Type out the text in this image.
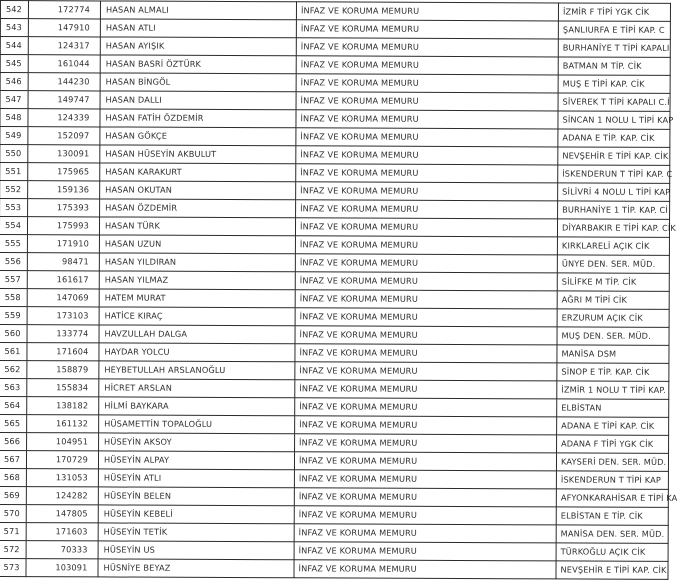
542	172774	HASAN ALMALI	İNFAZ VE KORUMA MEMURU	İZMİR F TİPİ YGK CİK
543	147910	HASAN ATLI	İNFAZ VE KORUMA MEMURU	ŞANLIURFA E TİPİ KAP. C
544	124317	HASAN AYIŞIK	İNFAZ VE KORUMA MEMURU	BURHANİYE T TİPİ KAPALI
545	161044	HASAN BASRİ ÖZTÜRK	İNFAZ VE KORUMA MEMURU	BATMAN M TİP. CİK
546	144230	HASAN BİNGÖL	İNFAZ VE KORUMA MEMURU	MUŞ E TİPİ KAP. CİK
547	149747	HASAN DALLI	İNFAZ VE KORUMA MEMURU	SİVEREK T TİPİ KAPALI C.İ
548	124339	HASAN FATİH ÖZDEMİR	İNFAZ VE KORUMA MEMURU	SİNCAN 1 NOLU L TİPİ KAP
549	152097	HASAN GÖKÇE	İNFAZ VE KORUMA MEMURU	ADANA E TİP. KAP. CİK
550	130091	HASAN HÜSEYİN AKBULUT	İNFAZ VE KORUMA MEMURU	NEVŞEHİR E TİPİ KAP. CİK
551	175965	HASAN KARAKURT	İNFAZ VE KORUMA MEMURU	İSKENDERUN T TİPİ KAP. C
552	159136	HASAN OKUTAN	İNFAZ VE KORUMA MEMURU	SİLİVRİ 4 NOLU L TİPİ KAP
553	175393	HASAN ÖZDEMİR	İNFAZ VE KORUMA MEMURU	BURHANİYE 1 TİP. KAP. Cİ
554	175993	HASAN TÜRK	İNFAZ VE KORUMA MEMURU	DİYARBAKIR E TİPİ KAP. CİK
555	171910	HASAN UZUN	İNFAZ VE KORUMA MEMURU	KIRKLARELİ AÇIK CİK
556	98471	HASAN YILDIRAN	İNFAZ VE KORUMA MEMURU	ÜNYE DEN. SER. MÜD.
557	161617	HASAN YILMAZ	İNFAZ VE KORUMA MEMURU	SİLİFKE M TİP. CİK
558	147069	HATEM MURAT	İNFAZ VE KORUMA MEMURU	AĞRI M TİPİ CİK
559	173103	HATİCE KIRAÇ	İNFAZ VE KORUMA MEMURU	ERZURUM AÇIK CİK
560	133774	HAVZULLAH DALGA	İNFAZ VE KORUMA MEMURU	MUŞ DEN. SER. MÜD.
561	171604	HAYDAR YOLCU	İNFAZ VE KORUMA MEMURU	MANİSA DSM
562	158879	HEYBETULLAH ARSLANOĞLU	İNFAZ VE KORUMA MEMURU	SİNOP E TİP. KAP. CİK
563	155834	HİCRET ARSLAN	İNFAZ VE KORUMA MEMURU	İZMİR 1 NOLU T TİPİ KAP.
564	138182	HİLMİ BAYKARA	İNFAZ VE KORUMA MEMURU	ELBİSTAN
565	161132	HÜSAMETTİN TOPALOĞLU	İNFAZ VE KORUMA MEMURU	ADANA E TİPİ KAP. CİK
566	104951	HÜSEYİN AKSOY	İNFAZ VE KORUMA MEMURU	ADANA F TİPİ YGK CİK
567	170729	HÜSEYİN ALPAY	İNFAZ VE KORUMA MEMURU	KAYSERİ DEN. SER. MÜD.
568	131053	HÜSEYİN ATLI	İNFAZ VE KORUMA MEMURU	İSKENDERUN T TİPİ KAP
569	124282	HÜSEYİN BELEN	İNFAZ VE KORUMA MEMURU	AFYONKARAHİSAR E TİPİ KA
570	147805	HÜSEYİN KEBELİ	İNFAZ VE KORUMA MEMURU	ELBİSTAN E TİP. CİK
571	171603	HÜSEYİN TETİK	İNFAZ VE KORUMA MEMURU	MANİSA DEN. SER. MÜD.
572	70333	HÜSEYİN US	İNFAZ VE KORUMA MEMURU	TÜRKOĞLU AÇIK CİK
573	103091	HÜSNİYE BEYAZ	İNFAZ VE KORUMA MEMURU	NEVŞEHİR E TİPİ KAP. CİK
